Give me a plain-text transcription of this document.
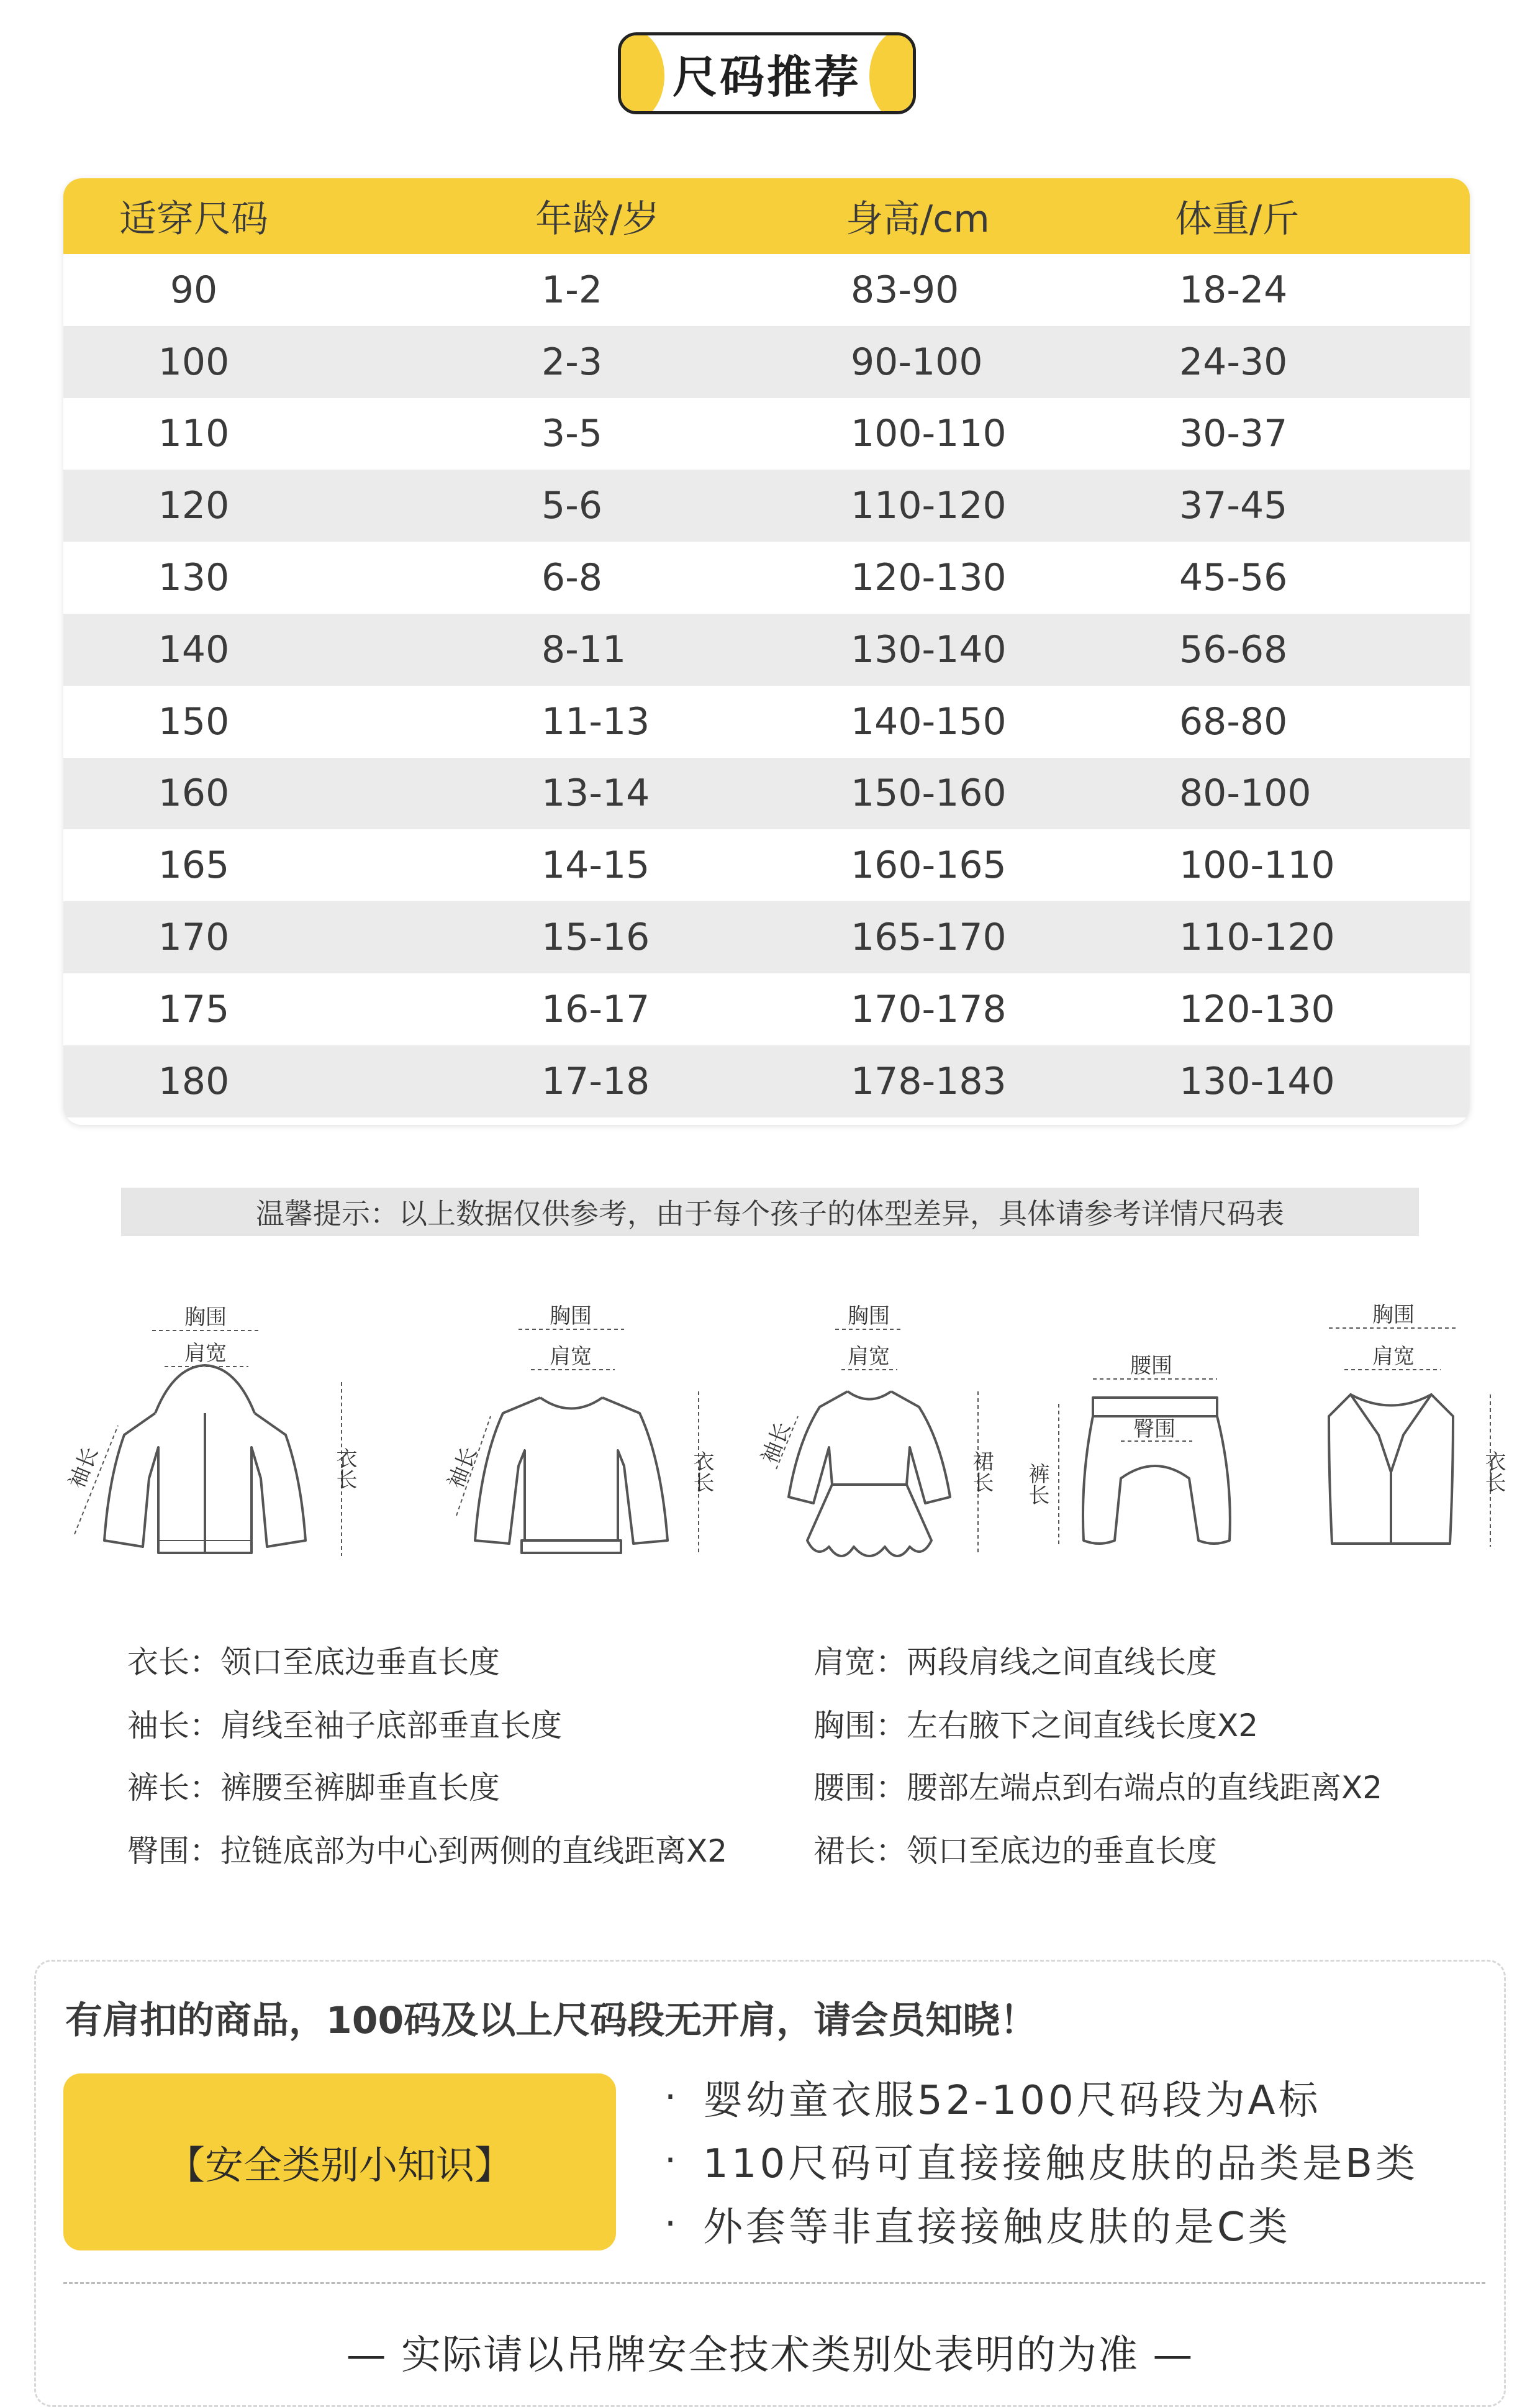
尺码推荐
适穿尺码	年龄/岁	身高/cm	体重/斤
90	1-2	83-90	18-24
100	2-3	90-100	24-30
110	3-5	100-110	30-37
120	5-6	110-120	37-45
130	6-8	120-130	45-56
140	8-11	130-140	56-68
150	11-13	140-150	68-80
160	13-14	150-160	80-100
165	14-15	160-165	100-110
170	15-16	165-170	110-120
175	16-17	170-178	120-130
180	17-18	178-183	130-140
温馨提示：以上数据仅供参考，由于每个孩子的体型差异，具体请参考详情尺码表
胸围
肩宽
袖长	衣长
胸围
肩宽
袖长	衣长
胸围
肩宽
袖长
裙长
腰围
臀围
裤长
胸围
肩宽
衣长
衣长：领口至底边垂直长度
袖长：肩线至袖子底部垂直长度
裤长：裤腰至裤脚垂直长度
臀围：拉链底部为中心到两侧的直线距离X2
肩宽：两段肩线之间直线长度
胸围：左右腋下之间直线长度X2
腰围：腰部左端点到右端点的直线距离X2
裙长：领口至底边的垂直长度
有肩扣的商品，100码及以上尺码段无开肩，请会员知晓！
【安全类别小知识】
· 婴幼童衣服52-100尺码段为A标
· 110尺码可直接接触皮肤的品类是B类
· 外套等非直接接触皮肤的是C类
— 实际请以吊牌安全技术类别处表明的为准 —
